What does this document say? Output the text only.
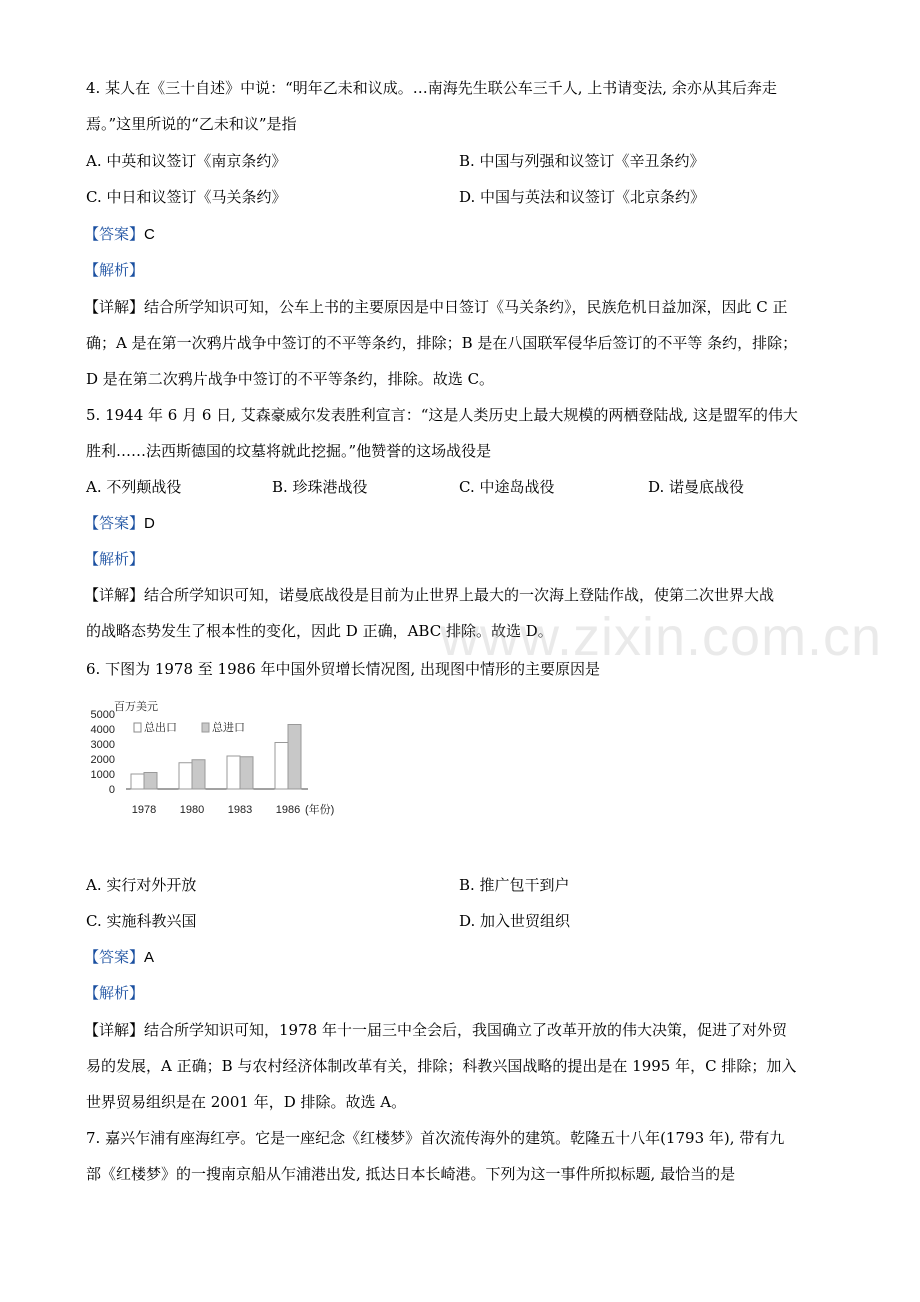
4. 某人在《三十自述》中说：“明年乙未和议成。…南海先生联公车三千人, 上书请变法, 余亦从其后奔走
焉。”这里所说的“乙未和议”是指
A. 中英和议签订《南京条约》	B. 中国与列强和议签订《辛丑条约》
C. 中日和议签订《马关条约》	D. 中国与英法和议签订《北京条约》
【答案】C
【解析】
【详解】结合所学知识可知，公车上书的主要原因是中日签订《马关条约》，民族危机日益加深，因此 C 正
确；A 是在第一次鸦片战争中签订的不平等条约，排除；B 是在八国联军侵华后签订的不平等 条约，排除；
D 是在第二次鸦片战争中签订的不平等条约，排除。故选 C。
5. 1944 年 6 月 6 日, 艾森豪威尔发表胜利宣言：“这是人类历史上最大规模的两栖登陆战, 这是盟军的伟大
胜利……法西斯德国的坟墓将就此挖掘。”他赞誉的这场战役是
A. 不列颠战役	B. 珍珠港战役	C. 中途岛战役	D. 诺曼底战役
【答案】D
【解析】
【详解】结合所学知识可知，诺曼底战役是目前为止世界上最大的一次海上登陆作战，使第二次世界大战
的战略态势发生了根本性的变化，因此 D 正确，ABC 排除。故选 D。
www.zixin.com.cn
6. 下图为 1978 至 1986 年中国外贸增长情况图, 出现图中情形的主要原因是
百万美元
5000
4000
3000
2000
1000
0
1978 1980 1983 1986 (年份)
总出口	总进口
A. 实行对外开放	B. 推广包干到户
C. 实施科教兴国	D. 加入世贸组织
【答案】A
【解析】
【详解】结合所学知识可知，1978 年十一届三中全会后，我国确立了改革开放的伟大决策，促进了对外贸
易的发展，A 正确；B 与农村经济体制改革有关，排除；科教兴国战略的提出是在 1995 年，C 排除；加入
世界贸易组织是在 2001 年，D 排除。故选 A。
7. 嘉兴乍浦有座海红亭。它是一座纪念《红楼梦》首次流传海外的建筑。乾隆五十八年(1793 年), 带有九
部《红楼梦》的一搜南京船从乍浦港出发, 抵达日本长崎港。下列为这一事件所拟标题, 最恰当的是
